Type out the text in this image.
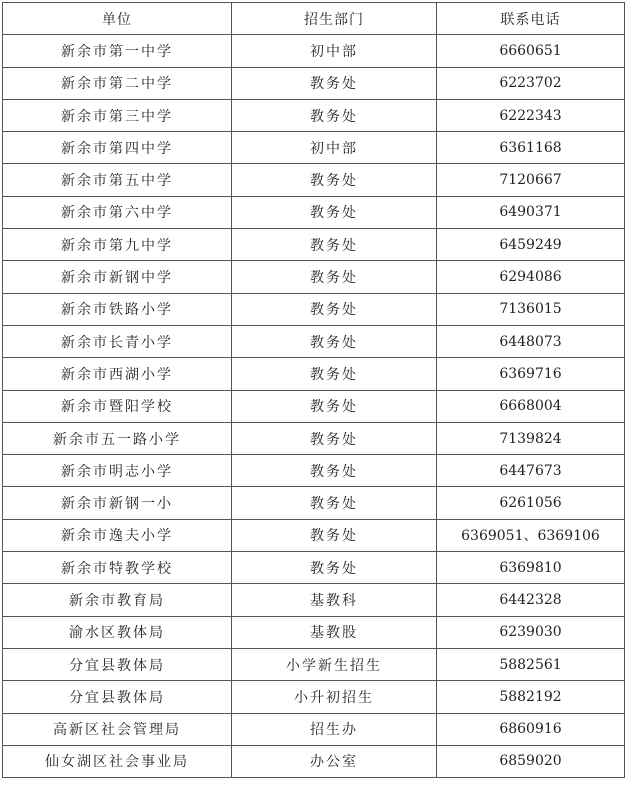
单位	招生部门	联系电话
新余市第一中学	初中部	6660651
新余市第二中学	教务处	6223702
新余市第三中学	教务处	6222343
新余市第四中学	初中部	6361168
新余市第五中学	教务处	7120667
新余市第六中学	教务处	6490371
新余市第九中学	教务处	6459249
新余市新钢中学	教务处	6294086
新余市铁路小学	教务处	7136015
新余市长青小学	教务处	6448073
新余市西湖小学	教务处	6369716
新余市暨阳学校	教务处	6668004
新余市五一路小学	教务处	7139824
新余市明志小学	教务处	6447673
新余市新钢一小	教务处	6261056
新余市逸夫小学	教务处	6369051、6369106
新余市特教学校	教务处	6369810
新余市教育局	基教科	6442328
渝水区教体局	基教股	6239030
分宜县教体局	小学新生招生	5882561
分宜县教体局	小升初招生	5882192
高新区社会管理局	招生办	6860916
仙女湖区社会事业局	办公室	6859020
